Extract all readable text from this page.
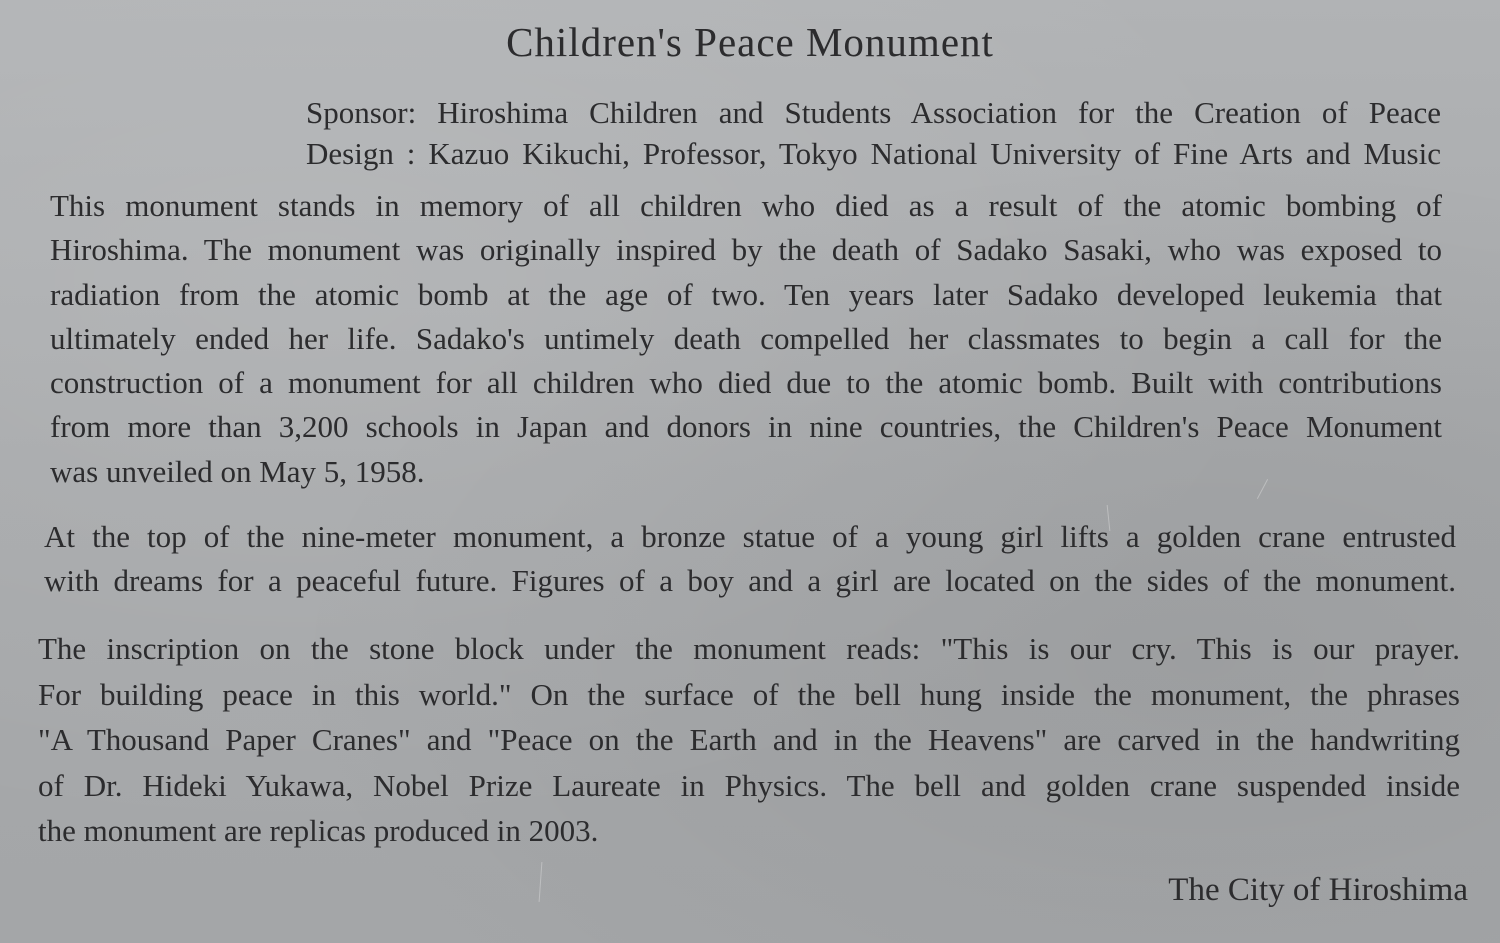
Children's Peace Monument
Sponsor: Hiroshima Children and Students Association for the Creation of Peace
Design : Kazuo Kikuchi, Professor, Tokyo National University of Fine Arts and Music
This monument stands in memory of all children who died as a result of the atomic bombing of
Hiroshima. The monument was originally inspired by the death of Sadako Sasaki, who was exposed to
radiation from the atomic bomb at the age of two. Ten years later Sadako developed leukemia that
ultimately ended her life. Sadako's untimely death compelled her classmates to begin a call for the
construction of a monument for all children who died due to the atomic bomb. Built with contributions
from more than 3,200 schools in Japan and donors in nine countries, the Children's Peace Monument
was unveiled on May 5, 1958.
At the top of the nine-meter monument, a bronze statue of a young girl lifts a golden crane entrusted
with dreams for a peaceful future. Figures of a boy and a girl are located on the sides of the monument.
The inscription on the stone block under the monument reads: "This is our cry. This is our prayer.
For building peace in this world." On the surface of the bell hung inside the monument, the phrases
"A Thousand Paper Cranes" and "Peace on the Earth and in the Heavens" are carved in the handwriting
of Dr. Hideki Yukawa, Nobel Prize Laureate in Physics. The bell and golden crane suspended inside
the monument are replicas produced in 2003.
The City of Hiroshima
